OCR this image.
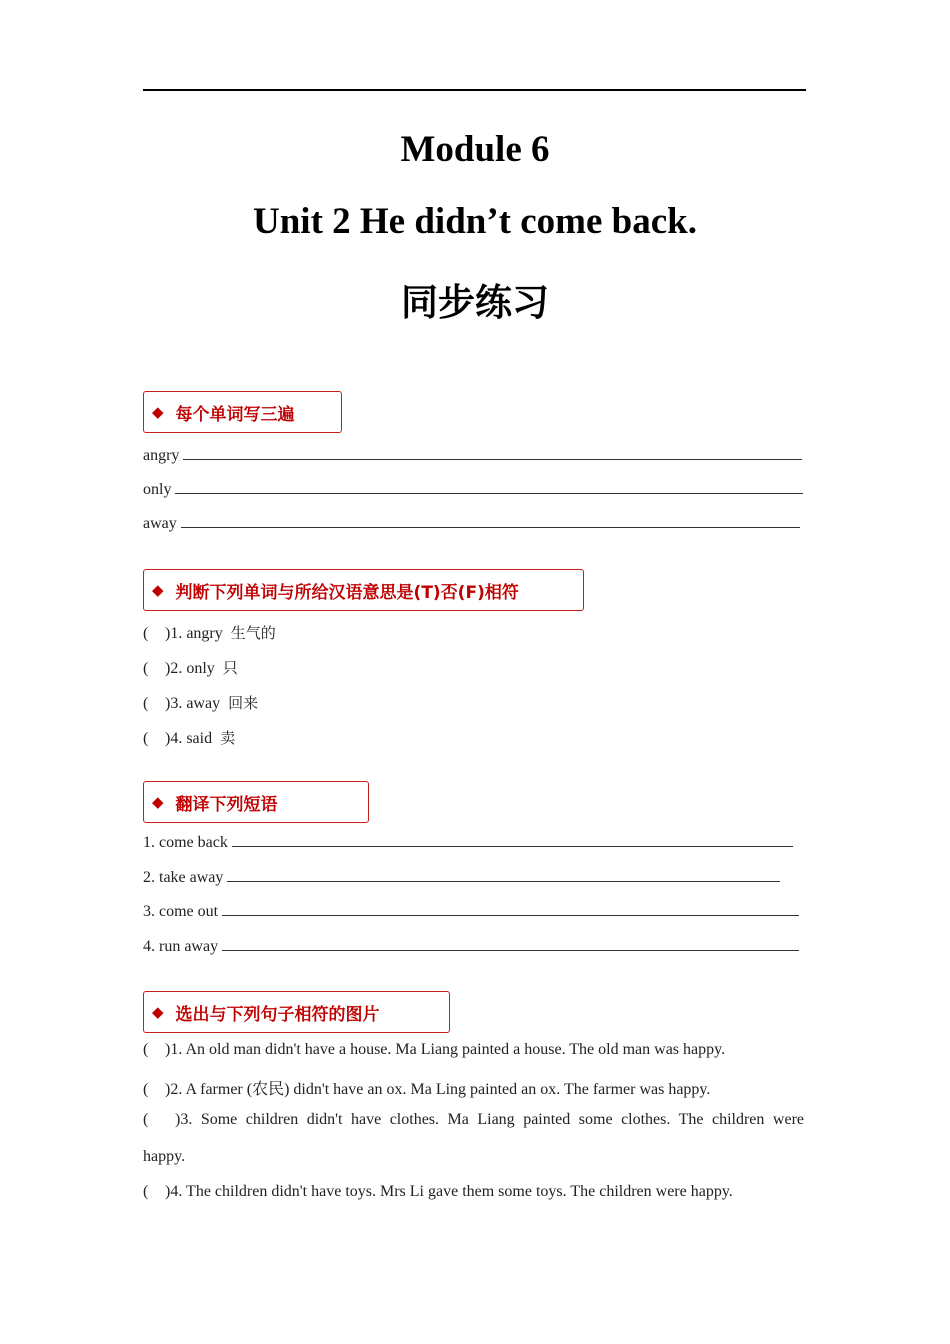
Module 6
Unit 2 He didn’t come back.
同步练习
◆ 每个单词写三遍
angry
only
away
◆ 判断下列单词与所给汉语意思是(T)否(F)相符
( )1. angry 生气的
( )2. only 只
( )3. away 回来
( )4. said 卖
◆ 翻译下列短语
1. come back
2. take away
3. come out
4. run away
◆ 选出与下列句子相符的图片
( )1. An old man didn't have a house. Ma Liang painted a house. The old man was happy.
( )2. A farmer (农民) didn't have an ox. Ma Ling painted an ox. The farmer was happy.
(	)3. Some children didn't have clothes. Ma Liang painted some clothes. The children were
happy.
( )4. The children didn't have toys. Mrs Li gave them some toys. The children were happy.
